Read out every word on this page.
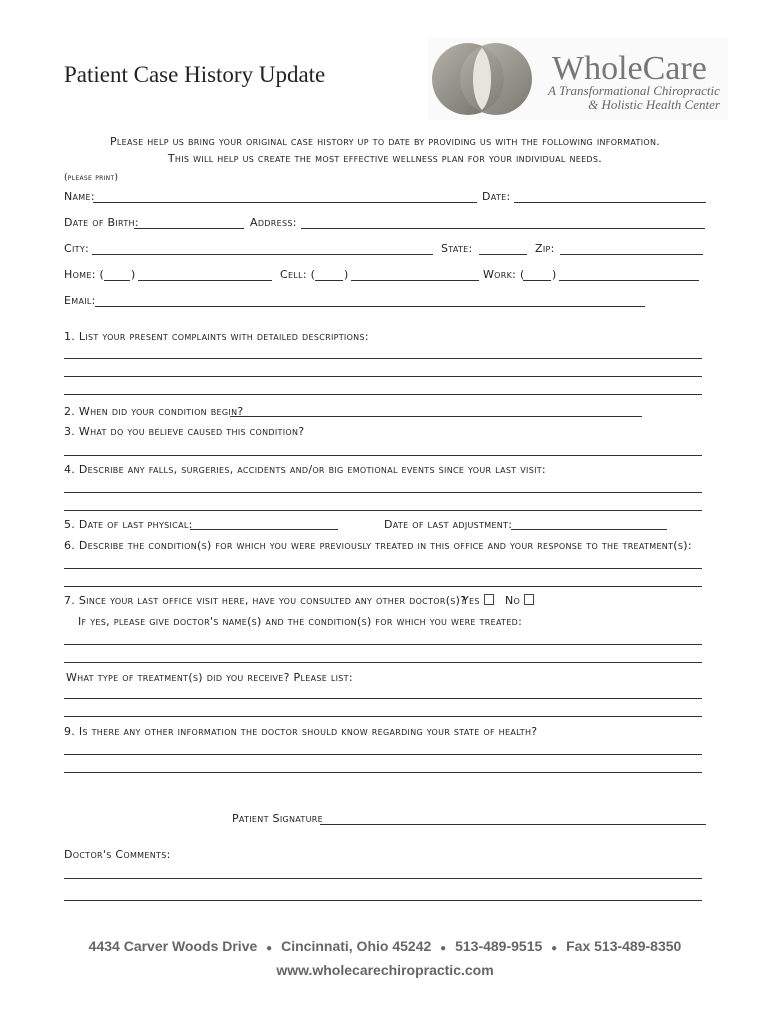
Patient Case History Update	WholeCare
A Transformational Chiropractic
& Holistic Health Center
Please help us bring your original case history up to date by providing us with the following information.
This will help us create the most effective wellness plan for your individual needs.
(please print)
Name:	Date:
Date of Birth:	Address:
City:	State:	Zip:
Home: ( )	Cell: (	)	Work: ( )
Email:
1. List your present complaints with detailed descriptions:
2. When did your condition begin?
3. What do you believe caused this condition?
4. Describe any falls, surgeries, accidents and/or big emotional events since your last visit:
5. Date of last physical:	Date of last adjustment:
6. Describe the condition(s) for which you were previously treated in this office and your response to the treatment(s):
7. Since your last office visit here, have you consulted any other doctor(s)?
Yes	No
If yes, please give doctor's name(s) and the condition(s) for which you were treated:
What type of treatment(s) did you receive? Please list:
9. Is there any other information the doctor should know regarding your state of health?
Patient Signature
Doctor's Comments:
4434 Carver Woods Drive ● Cincinnati, Ohio 45242 ● 513-489-9515 ● Fax 513-489-8350
www.wholecarechiropractic.com
